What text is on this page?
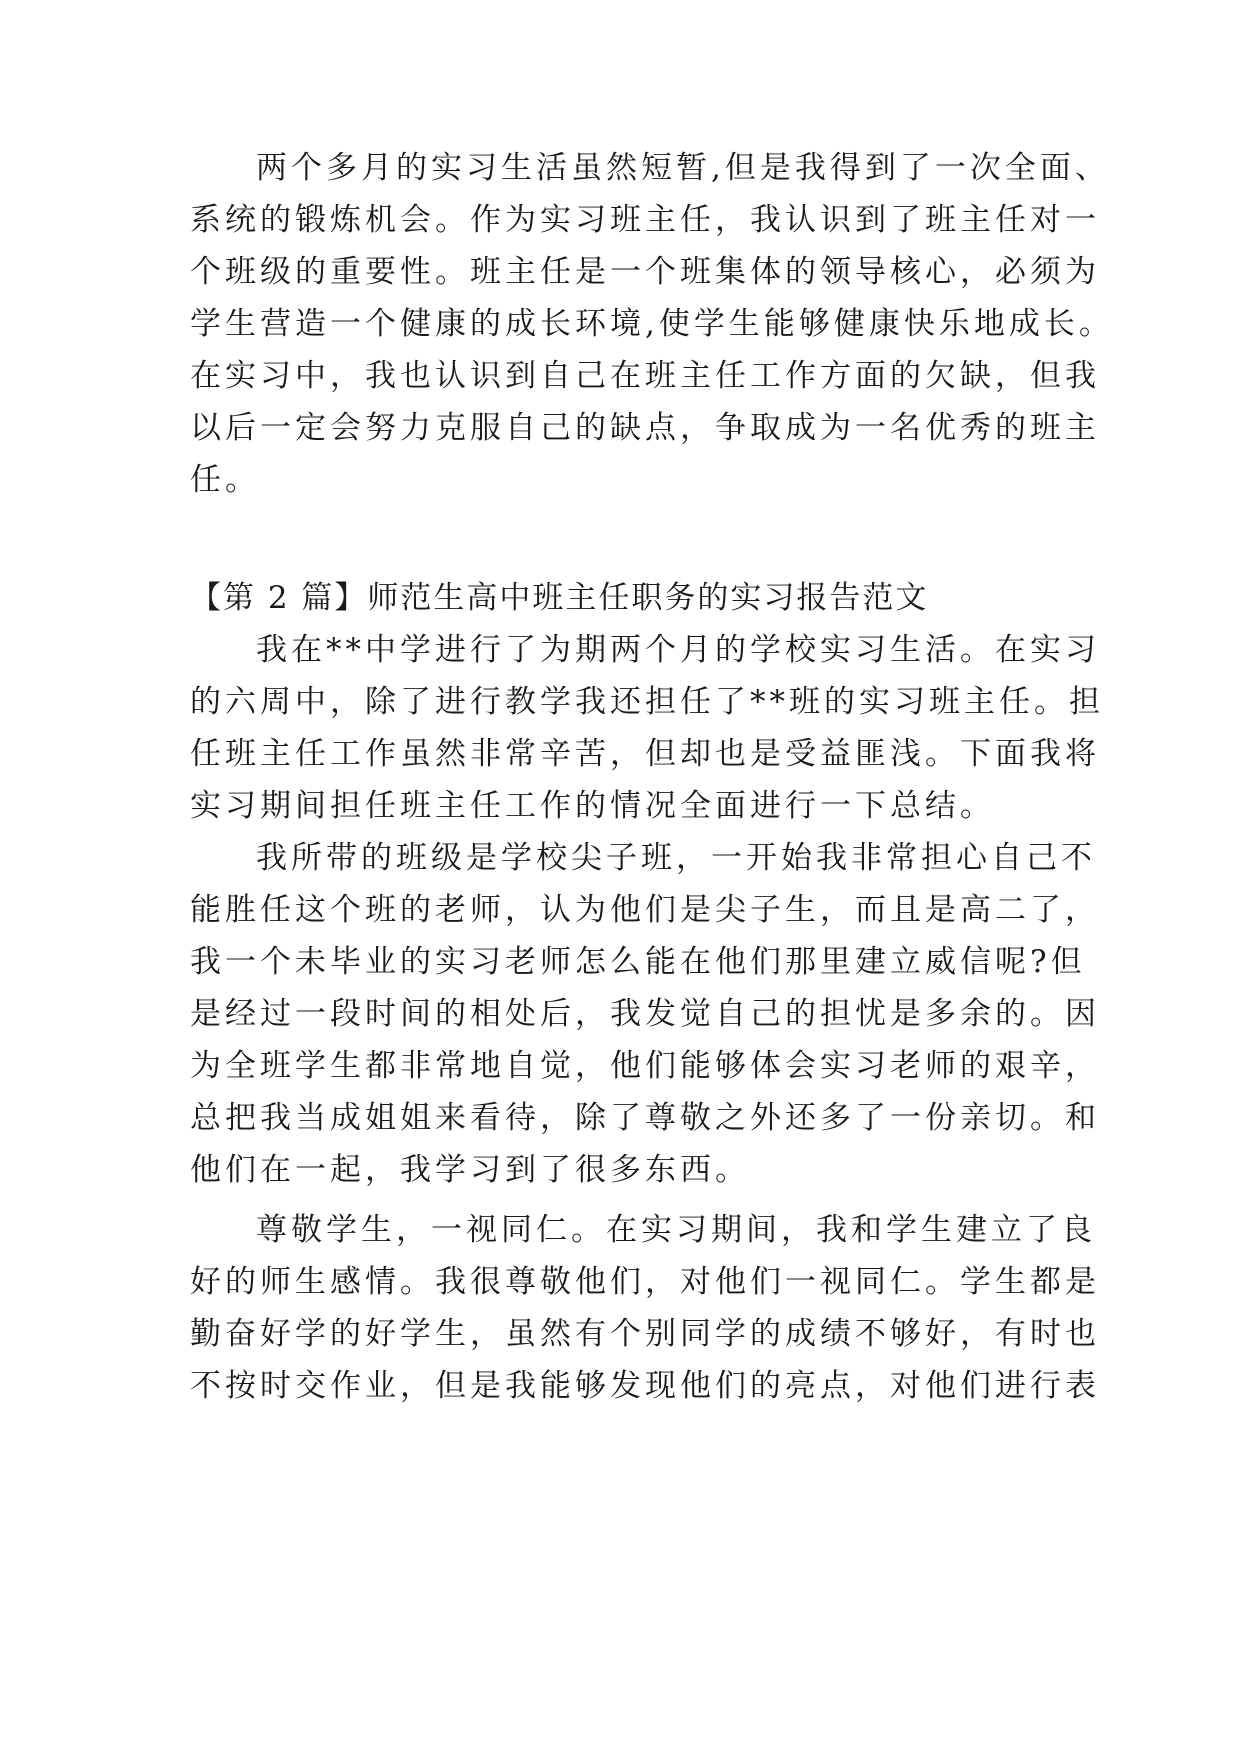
两个多月的实习生活虽然短暂,但是我得到了一次全面、
系统的锻炼机会。作为实习班主任，我认识到了班主任对一
个班级的重要性。班主任是一个班集体的领导核心，必须为
学生营造一个健康的成长环境,使学生能够健康快乐地成长。
在实习中，我也认识到自己在班主任工作方面的欠缺，但我
以后一定会努力克服自己的缺点，争取成为一名优秀的班主
任。
【第 2 篇】师范生高中班主任职务的实习报告范文
我在**中学进行了为期两个月的学校实习生活。在实习
的六周中，除了进行教学我还担任了**班的实习班主任。担
任班主任工作虽然非常辛苦，但却也是受益匪浅。下面我将
实习期间担任班主任工作的情况全面进行一下总结。
我所带的班级是学校尖子班，一开始我非常担心自己不
能胜任这个班的老师，认为他们是尖子生，而且是高二了，
我一个未毕业的实习老师怎么能在他们那里建立威信呢?但
是经过一段时间的相处后，我发觉自己的担忧是多余的。因
为全班学生都非常地自觉，他们能够体会实习老师的艰辛，
总把我当成姐姐来看待，除了尊敬之外还多了一份亲切。和
他们在一起，我学习到了很多东西。
尊敬学生，一视同仁。在实习期间，我和学生建立了良
好的师生感情。我很尊敬他们，对他们一视同仁。学生都是
勤奋好学的好学生，虽然有个别同学的成绩不够好，有时也
不按时交作业，但是我能够发现他们的亮点，对他们进行表
